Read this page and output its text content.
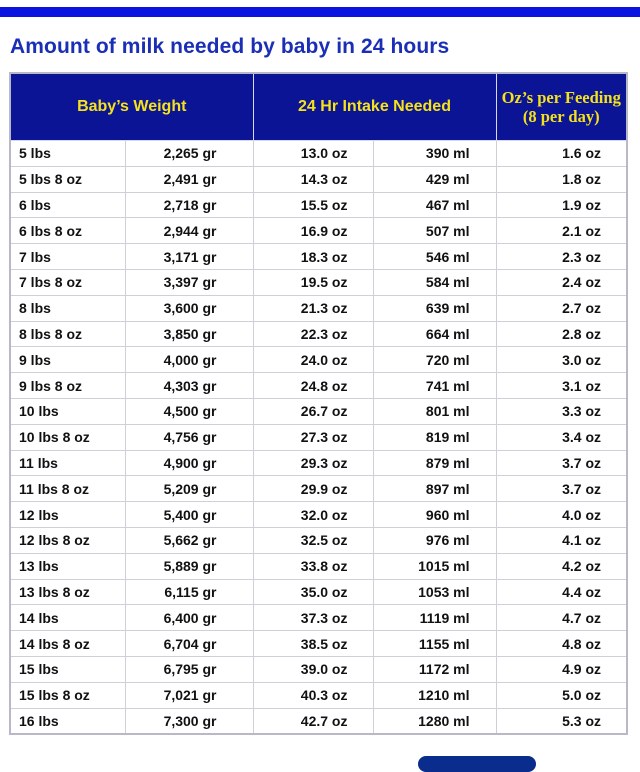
Amount of milk needed by baby in 24 hours
Baby’s Weight		24 Hr Intake Needed		Oz’s per Feeding (8 per day)
5 lbs	2,265 gr	13.0 oz	390 ml	1.6 oz
5 lbs 8 oz	2,491 gr	14.3 oz	429 ml	1.8 oz
6 lbs	2,718 gr	15.5 oz	467 ml	1.9 oz
6 lbs 8 oz	2,944 gr	16.9 oz	507 ml	2.1 oz
7 lbs	3,171 gr	18.3 oz	546 ml	2.3 oz
7 lbs 8 oz	3,397 gr	19.5 oz	584 ml	2.4 oz
8 lbs	3,600 gr	21.3 oz	639 ml	2.7 oz
8 lbs 8 oz	3,850 gr	22.3 oz	664 ml	2.8 oz
9 lbs	4,000 gr	24.0 oz	720 ml	3.0 oz
9 lbs 8 oz	4,303 gr	24.8 oz	741 ml	3.1 oz
10 lbs	4,500 gr	26.7 oz	801 ml	3.3 oz
10 lbs 8 oz	4,756 gr	27.3 oz	819 ml	3.4 oz
11 lbs	4,900 gr	29.3 oz	879 ml	3.7 oz
11 lbs 8 oz	5,209 gr	29.9 oz	897 ml	3.7 oz
12 lbs	5,400 gr	32.0 oz	960 ml	4.0 oz
12 lbs 8 oz	5,662 gr	32.5 oz	976 ml	4.1 oz
13 lbs	5,889 gr	33.8 oz	1015 ml	4.2 oz
13 lbs 8 oz	6,115 gr	35.0 oz	1053 ml	4.4 oz
14 lbs	6,400 gr	37.3 oz	1119 ml	4.7 oz
14 lbs 8 oz	6,704 gr	38.5 oz	1155 ml	4.8 oz
15 lbs	6,795 gr	39.0 oz	1172 ml	4.9 oz
15 lbs 8 oz	7,021 gr	40.3 oz	1210 ml	5.0 oz
16 lbs	7,300 gr	42.7 oz	1280 ml	5.3 oz
